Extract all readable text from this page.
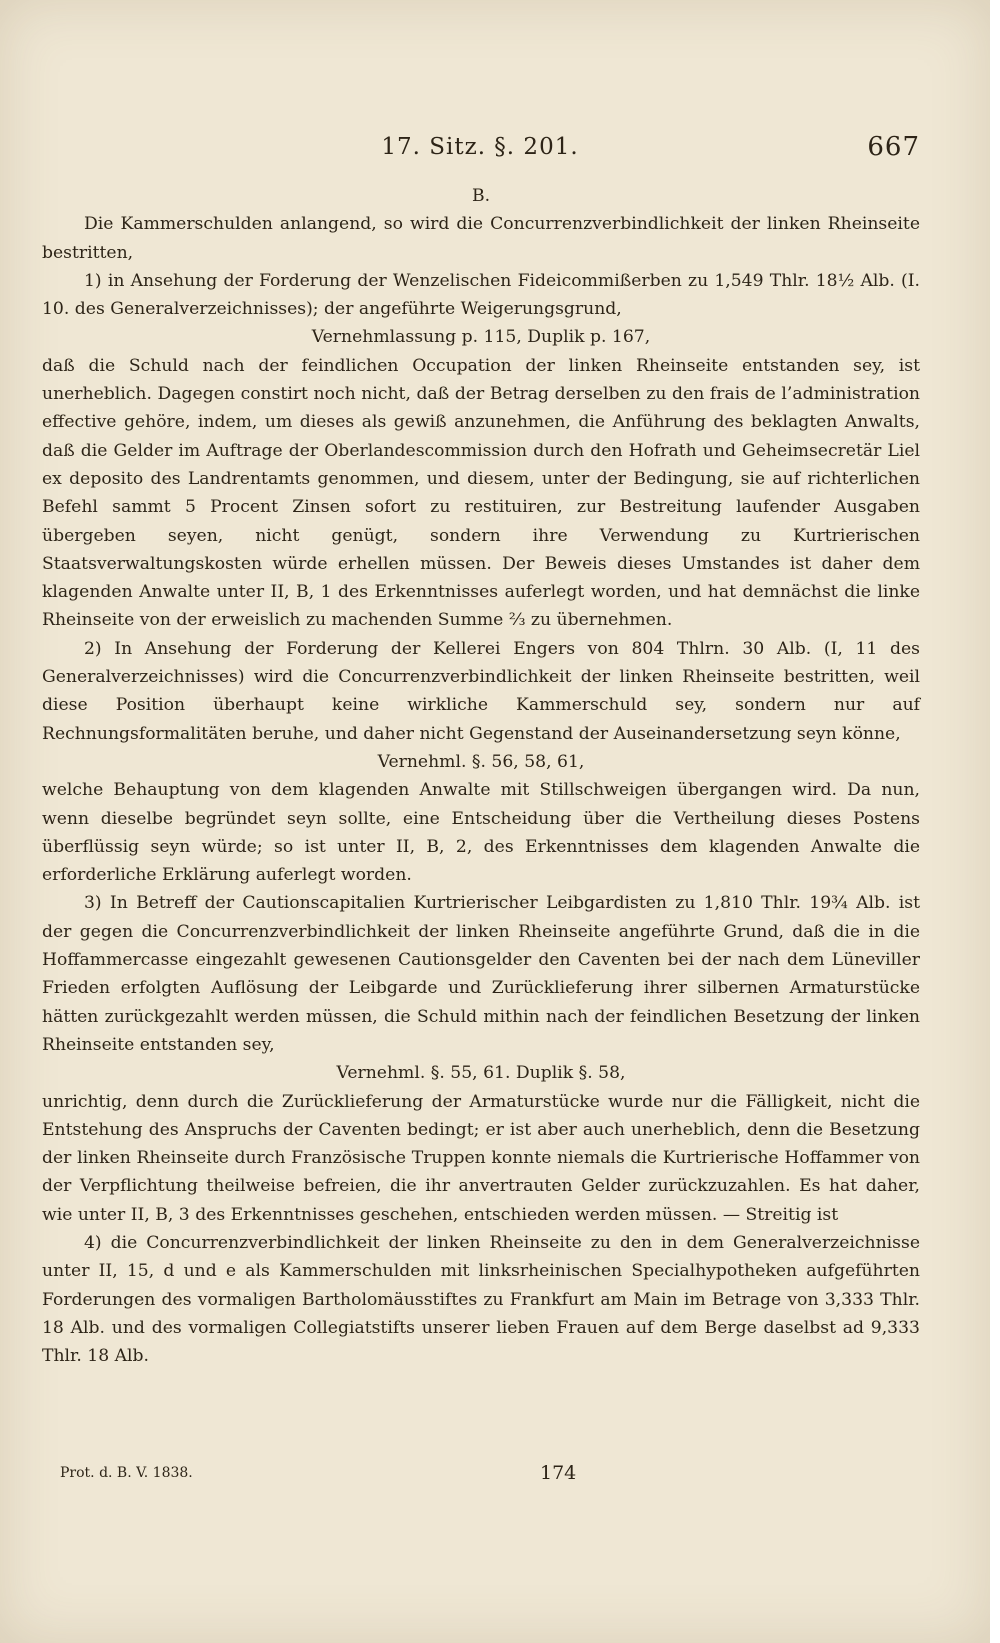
17. Sitz. §. 201.	667

B.

Die Kammerschulden anlangend, so wird die Concurrenzverbindlichkeit der linken Rheinseite bestritten,

1) in Ansehung der Forderung der Wenzelischen Fideicommißerben zu 1,549 Thlr. 18½ Alb. (I. 10. des Generalverzeichnisses); der angeführte Weigerungsgrund,

Vernehmlassung p. 115, Duplik p. 167,

daß die Schuld nach der feindlichen Occupation der linken Rheinseite entstanden sey, ist unerheblich. Dagegen constirt noch nicht, daß der Betrag derselben zu den frais de l’administration effective gehöre, indem, um dieses als gewiß anzunehmen, die Anführung des beklagten Anwalts, daß die Gelder im Auftrage der Oberlandescommission durch den Hofrath und Geheimsecretär Liel ex deposito des Landrentamts genommen, und diesem, unter der Bedingung, sie auf richterlichen Befehl sammt 5 Procent Zinsen sofort zu restituiren, zur Bestreitung laufender Ausgaben übergeben seyen, nicht genügt, sondern ihre Verwendung zu Kurtrierischen Staatsverwaltungskosten würde erhellen müssen. Der Beweis dieses Umstandes ist daher dem klagenden Anwalte unter II, B, 1 des Erkenntnisses auferlegt worden, und hat demnächst die linke Rheinseite von der erweislich zu machenden Summe ⅔ zu übernehmen.

2) In Ansehung der Forderung der Kellerei Engers von 804 Thlrn. 30 Alb. (I, 11 des Generalverzeichnisses) wird die Concurrenzverbindlichkeit der linken Rheinseite bestritten, weil diese Position überhaupt keine wirkliche Kammerschuld sey, sondern nur auf Rechnungsformalitäten beruhe, und daher nicht Gegenstand der Auseinandersetzung seyn könne,

Vernehml. §. 56, 58, 61,

welche Behauptung von dem klagenden Anwalte mit Stillschweigen übergangen wird. Da nun, wenn dieselbe begründet seyn sollte, eine Entscheidung über die Vertheilung dieses Postens überflüssig seyn würde; so ist unter II, B, 2, des Erkenntnisses dem klagenden Anwalte die erforderliche Erklärung auferlegt worden.

3) In Betreff der Cautionscapitalien Kurtrierischer Leibgardisten zu 1,810 Thlr. 19¾ Alb. ist der gegen die Concurrenzverbindlichkeit der linken Rheinseite angeführte Grund, daß die in die Hoffammercasse eingezahlt gewesenen Cautionsgelder den Caventen bei der nach dem Lüneviller Frieden erfolgten Auflösung der Leibgarde und Zurücklieferung ihrer silbernen Armaturstücke hätten zurückgezahlt werden müssen, die Schuld mithin nach der feindlichen Besetzung der linken Rheinseite entstanden sey,

Vernehml. §. 55, 61. Duplik §. 58,

unrichtig, denn durch die Zurücklieferung der Armaturstücke wurde nur die Fälligkeit, nicht die Entstehung des Anspruchs der Caventen bedingt; er ist aber auch unerheblich, denn die Besetzung der linken Rheinseite durch Französische Truppen konnte niemals die Kurtrierische Hoffammer von der Verpflichtung theilweise befreien, die ihr anvertrauten Gelder zurückzuzahlen. Es hat daher, wie unter II, B, 3 des Erkenntnisses geschehen, entschieden werden müssen. — Streitig ist

4) die Concurrenzverbindlichkeit der linken Rheinseite zu den in dem Generalverzeichnisse unter II, 15, d und e als Kammerschulden mit linksrheinischen Specialhypotheken aufgeführten Forderungen des vormaligen Bartholomäusstiftes zu Frankfurt am Main im Betrage von 3,333 Thlr. 18 Alb. und des vormaligen Collegiatstifts unserer lieben Frauen auf dem Berge daselbst ad 9,333 Thlr. 18 Alb.

Prot. d. B. V. 1838.	174
